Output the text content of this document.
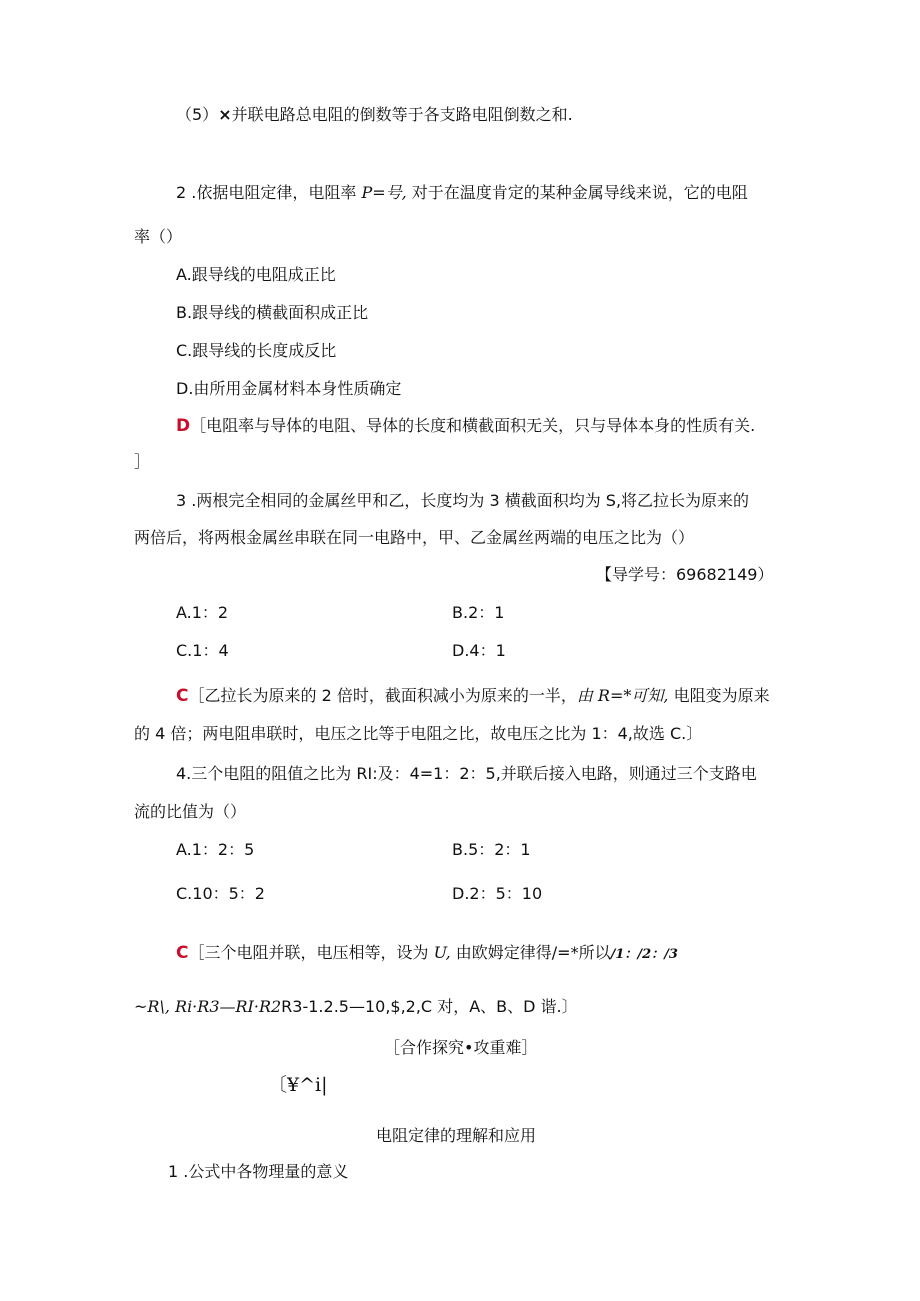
（5）×并联电路总电阻的倒数等于各支路电阻倒数之和.
2 .依据电阻定律，电阻率 P=号, 对于在温度肯定的某种金属导线来说，它的电阻
率（）
A.跟导线的电阻成正比
B.跟导线的横截面积成正比
C.跟导线的长度成反比
D.由所用金属材料本身性质确定
D［电阻率与导体的电阻、导体的长度和横截面积无关，只与导体本身的性质有关.
］
3 .两根完全相同的金属丝甲和乙，长度均为 3 横截面积均为 S,将乙拉长为原来的
两倍后，将两根金属丝串联在同一电路中，甲、乙金属丝两端的电压之比为（）
【导学号：69682149）
A.1：2	B.2：1
C.1：4	D.4：1
C［乙拉长为原来的 2 倍时，截面积减小为原来的一半，由 R=*可知, 电阻变为原来
的 4 倍；两电阻串联时，电压之比等于电阻之比，故电压之比为 1：4,故选 C.〕
4.三个电阻的阻值之比为 RI:及：4=1：2：5,并联后接入电路，则通过三个支路电
流的比值为（）
A.1：2：5	B.5：2：1
C.10：5：2	D.2：5：10
C［三个电阻并联，电压相等，设为 U, 由欧姆定律得/=*所以/1：/2：/3
~R\, Ri·R3—RI·R2R3-1.2.5—10,$,2,C 对，A、B、D 谐.〕
［合作探究•攻重难］
〔¥^i|
电阻定律的理解和应用
1 .公式中各物理量的意义
